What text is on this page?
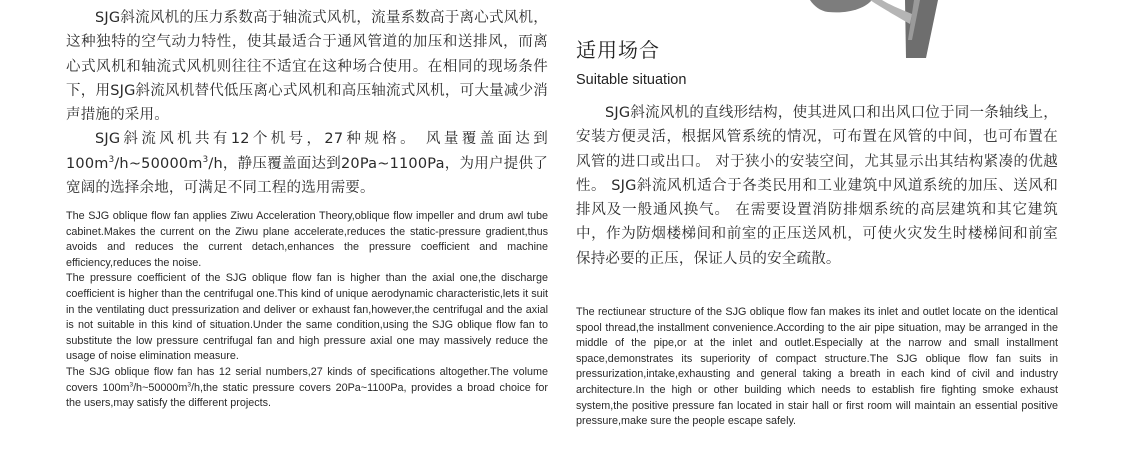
SJG斜流风机的压力系数高于轴流式风机，流量系数高于离心式风机，这种独特的空气动力特性，使其最适合于通风管道的加压和送排风，而离心式风机和轴流式风机则往往不适宜在这种场合使用。在相同的现场条件下，用SJG斜流风机替代低压离心式风机和高压轴流式风机，可大量减少消声措施的采用。

SJG斜流风机共有12个机号，27种规格。 风量覆盖面达到$100m^3/h\sim 50000m^3/h$，静压覆盖面达到20Pa~1100Pa，为用户提供了宽阔的选择余地，可满足不同工程的选用需要。

The SJG oblique flow fan applies Ziwu Acceleration Theory,oblique flow impeller and drum awl tube cabinet.Makes the current on the Ziwu plane accelerate,reduces the static-pressure gradient,thus avoids and reduces the current detach,enhances the pressure coefficient and machine efficiency,reduces the noise.

The pressure coefficient of the SJG oblique flow fan is higher than the axial one,the discharge coefficient is higher than the centrifugal one.This kind of unique aerodynamic characteristic,lets it suit in the ventilating duct pressurization and deliver or exhaust fan,however,the centrifugal and the axial is not suitable in this kind of situation.Under the same condition,using the SJG oblique flow fan to substitute the low pressure centrifugal fan and high pressure axial one may massively reduce the usage of noise elimination measure.

The SJG oblique flow fan has 12 serial numbers,27 kinds of specifications altogether.The volume covers $100m^3/h\sim 50000m^3/h,the$ static pressure covers 20Pa~1100Pa, provides a broad choice for the users,may satisfy the different projects.

适用场合
Suitable situation

SJG斜流风机的直线形结构，使其进风口和出风口位于同一条轴线上，安装方便灵活，根据风管系统的情况，可布置在风管的中间，也可布置在风管的进口或出口。 对于狭小的安装空间，尤其显示出其结构紧凑的优越性。 SJG斜流风机适合于各类民用和工业建筑中风道系统的加压、送风和排风及一般通风换气。 在需要设置消防排烟系统的高层建筑和其它建筑中，作为防烟楼梯间和前室的正压送风机，可使火灾发生时楼梯间和前室保持必要的正压，保证人员的安全疏散。

The rectiunear structure of the SJG oblique flow fan makes its inlet and outlet locate on the identical spool thread,the installment convenience.According to the air pipe situation, may be arranged in the middle of the pipe,or at the inlet and outlet.Especially at the narrow and small installment space,demonstrates its superiority of compact structure.The SJG oblique flow fan suits in pressurization,intake,exhausting and general taking a breath in each kind of civil and industry architecture.In the high or other building which needs to establish fire fighting smoke exhaust system,the positive pressure fan located in stair hall or first room will maintain an essential positive pressure,make sure the people escape safely.
